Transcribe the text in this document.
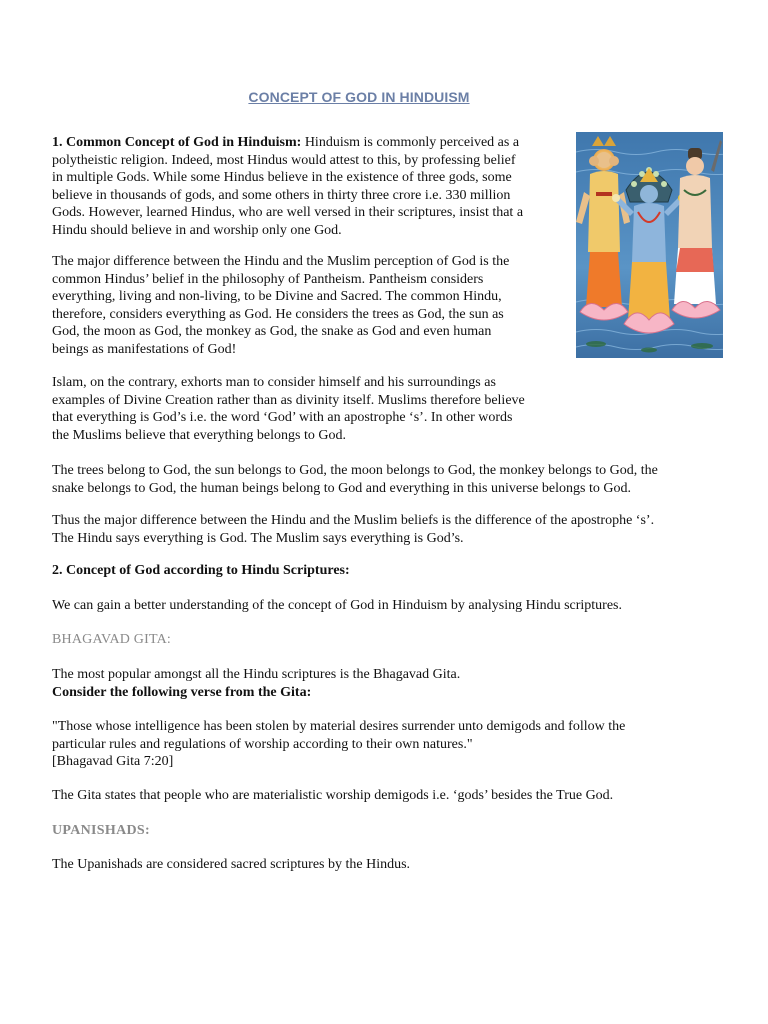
CONCEPT OF GOD IN HINDUISM

1. Common Concept of God in Hinduism: Hinduism is commonly perceived as a
polytheistic religion. Indeed, most Hindus would attest to this, by professing belief
in multiple Gods. While some Hindus believe in the existence of three gods, some
believe in thousands of gods, and some others in thirty three crore i.e. 330 million
Gods. However, learned Hindus, who are well versed in their scriptures, insist that a
Hindu should believe in and worship only one God.

The major difference between the Hindu and the Muslim perception of God is the
common Hindus’ belief in the philosophy of Pantheism. Pantheism considers
everything, living and non-living, to be Divine and Sacred. The common Hindu,
therefore, considers everything as God. He considers the trees as God, the sun as
God, the moon as God, the monkey as God, the snake as God and even human
beings as manifestations of God!

Islam, on the contrary, exhorts man to consider himself and his surroundings as
examples of Divine Creation rather than as divinity itself. Muslims therefore believe
that everything is God’s i.e. the word ‘God’ with an apostrophe ‘s’. In other words
the Muslims believe that everything belongs to God.

The trees belong to God, the sun belongs to God, the moon belongs to God, the monkey belongs to God, the
snake belongs to God, the human beings belong to God and everything in this universe belongs to God.

Thus the major difference between the Hindu and the Muslim beliefs is the difference of the apostrophe ‘s’.
The Hindu says everything is God. The Muslim says everything is God’s.

2. Concept of God according to Hindu Scriptures:

We can gain a better understanding of the concept of God in Hinduism by analysing Hindu scriptures.

BHAGAVAD GITA:

The most popular amongst all the Hindu scriptures is the Bhagavad Gita.
Consider the following verse from the Gita:

"Those whose intelligence has been stolen by material desires surrender unto demigods and follow the
particular rules and regulations of worship according to their own natures."
[Bhagavad Gita 7:20]

The Gita states that people who are materialistic worship demigods i.e. ‘gods’ besides the True God.

UPANISHADS:

The Upanishads are considered sacred scriptures by the Hindus.
